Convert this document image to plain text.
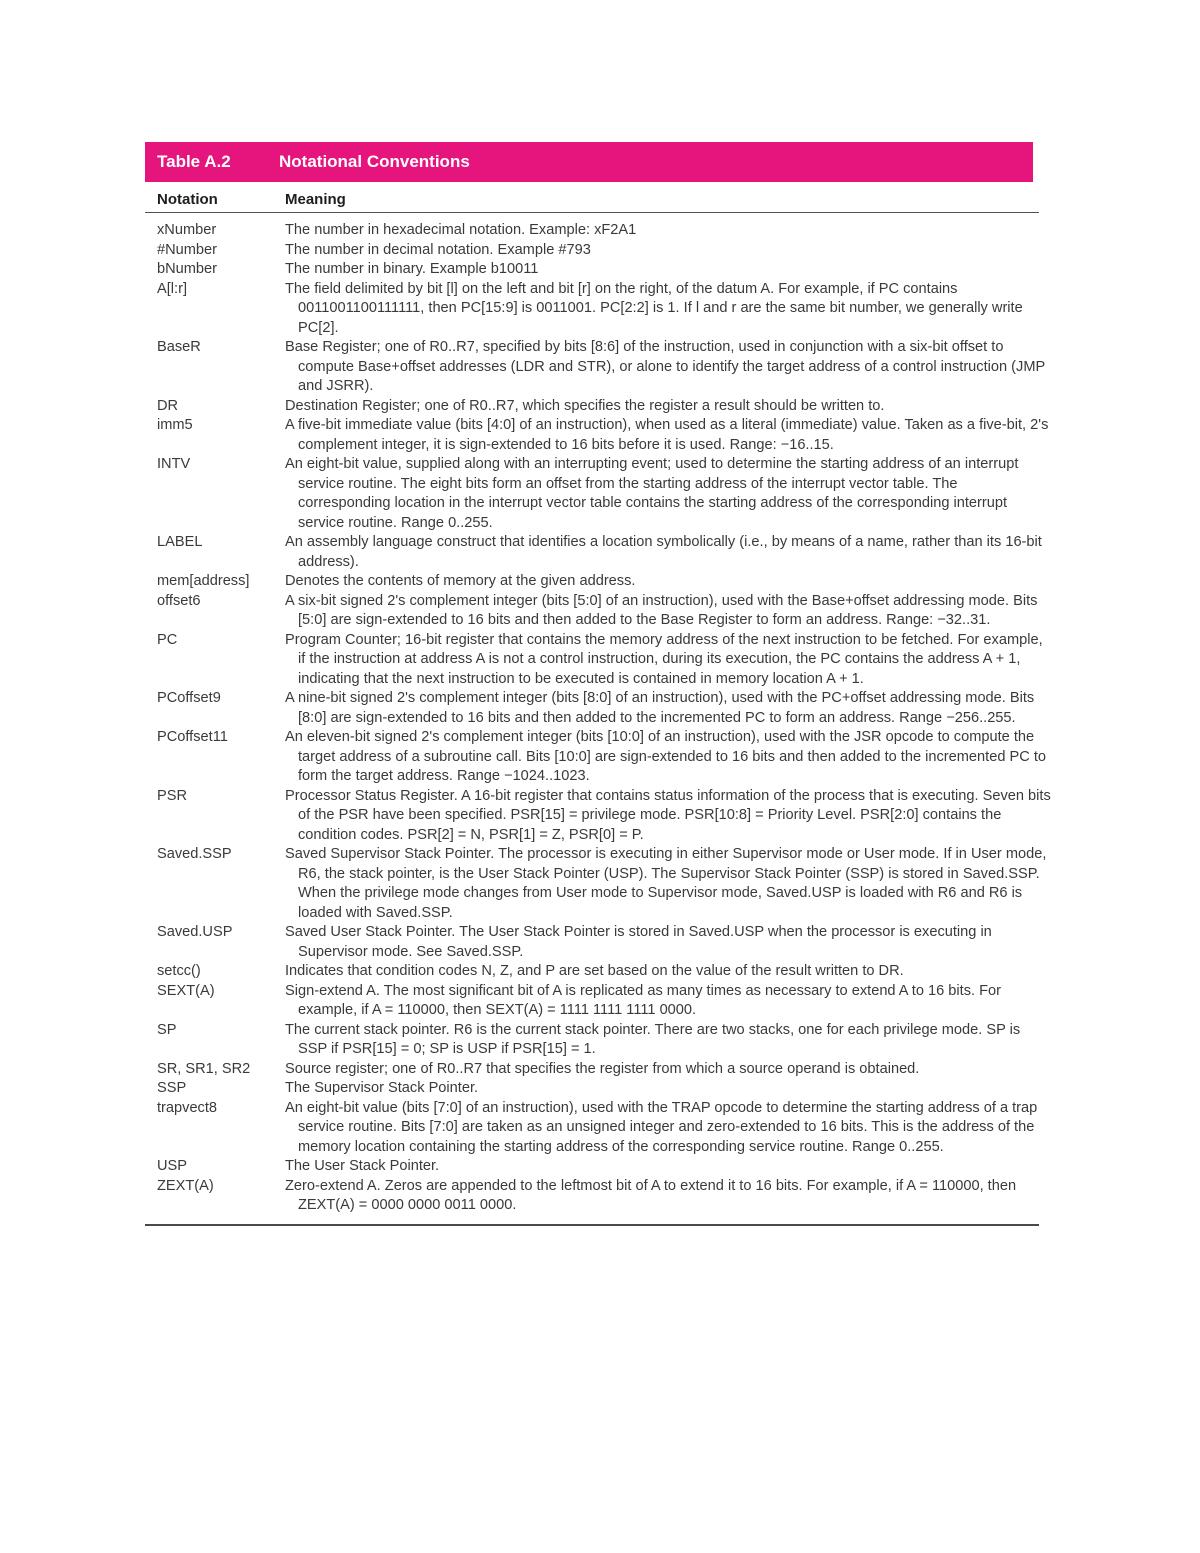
Table A.2	Notational Conventions
Notation	Meaning
xNumber	The number in hexadecimal notation. Example: xF2A1
#Number	The number in decimal notation. Example #793
bNumber	The number in binary. Example b10011
A[l:r]	The field delimited by bit [l] on the left and bit [r] on the right, of the datum A. For example, if PC contains 0011001100111111, then PC[15:9] is 0011001. PC[2:2] is 1. If l and r are the same bit number, we generally write PC[2].
BaseR	Base Register; one of R0..R7, specified by bits [8:6] of the instruction, used in conjunction with a six-bit offset to compute Base+offset addresses (LDR and STR), or alone to identify the target address of a control instruction (JMP and JSRR).
DR	Destination Register; one of R0..R7, which specifies the register a result should be written to.
imm5	A five-bit immediate value (bits [4:0] of an instruction), when used as a literal (immediate) value. Taken as a five-bit, 2's complement integer, it is sign-extended to 16 bits before it is used. Range: −16..15.
INTV	An eight-bit value, supplied along with an interrupting event; used to determine the starting address of an interrupt service routine. The eight bits form an offset from the starting address of the interrupt vector table. The corresponding location in the interrupt vector table contains the starting address of the corresponding interrupt service routine. Range 0..255.
LABEL	An assembly language construct that identifies a location symbolically (i.e., by means of a name, rather than its 16-bit address).
mem[address]	Denotes the contents of memory at the given address.
offset6	A six-bit signed 2's complement integer (bits [5:0] of an instruction), used with the Base+offset addressing mode. Bits [5:0] are sign-extended to 16 bits and then added to the Base Register to form an address. Range: −32..31.
PC	Program Counter; 16-bit register that contains the memory address of the next instruction to be fetched. For example, if the instruction at address A is not a control instruction, during its execution, the PC contains the address A + 1, indicating that the next instruction to be executed is contained in memory location A + 1.
PCoffset9	A nine-bit signed 2's complement integer (bits [8:0] of an instruction), used with the PC+offset addressing mode. Bits [8:0] are sign-extended to 16 bits and then added to the incremented PC to form an address. Range −256..255.
PCoffset11	An eleven-bit signed 2's complement integer (bits [10:0] of an instruction), used with the JSR opcode to compute the target address of a subroutine call. Bits [10:0] are sign-extended to 16 bits and then added to the incremented PC to form the target address. Range −1024..1023.
PSR	Processor Status Register. A 16-bit register that contains status information of the process that is executing. Seven bits of the PSR have been specified. PSR[15] = privilege mode. PSR[10:8] = Priority Level. PSR[2:0] contains the condition codes. PSR[2] = N, PSR[1] = Z, PSR[0] = P.
Saved.SSP	Saved Supervisor Stack Pointer. The processor is executing in either Supervisor mode or User mode. If in User mode, R6, the stack pointer, is the User Stack Pointer (USP). The Supervisor Stack Pointer (SSP) is stored in Saved.SSP. When the privilege mode changes from User mode to Supervisor mode, Saved.USP is loaded with R6 and R6 is loaded with Saved.SSP.
Saved.USP	Saved User Stack Pointer. The User Stack Pointer is stored in Saved.USP when the processor is executing in Supervisor mode. See Saved.SSP.
setcc()	Indicates that condition codes N, Z, and P are set based on the value of the result written to DR.
SEXT(A)	Sign-extend A. The most significant bit of A is replicated as many times as necessary to extend A to 16 bits. For example, if A = 110000, then SEXT(A) = 1111 1111 1111 0000.
SP	The current stack pointer. R6 is the current stack pointer. There are two stacks, one for each privilege mode. SP is SSP if PSR[15] = 0; SP is USP if PSR[15] = 1.
SR, SR1, SR2	Source register; one of R0..R7 that specifies the register from which a source operand is obtained.
SSP	The Supervisor Stack Pointer.
trapvect8	An eight-bit value (bits [7:0] of an instruction), used with the TRAP opcode to determine the starting address of a trap service routine. Bits [7:0] are taken as an unsigned integer and zero-extended to 16 bits. This is the address of the memory location containing the starting address of the corresponding service routine. Range 0..255.
USP	The User Stack Pointer.
ZEXT(A)	Zero-extend A. Zeros are appended to the leftmost bit of A to extend it to 16 bits. For example, if A = 110000, then ZEXT(A) = 0000 0000 0011 0000.
